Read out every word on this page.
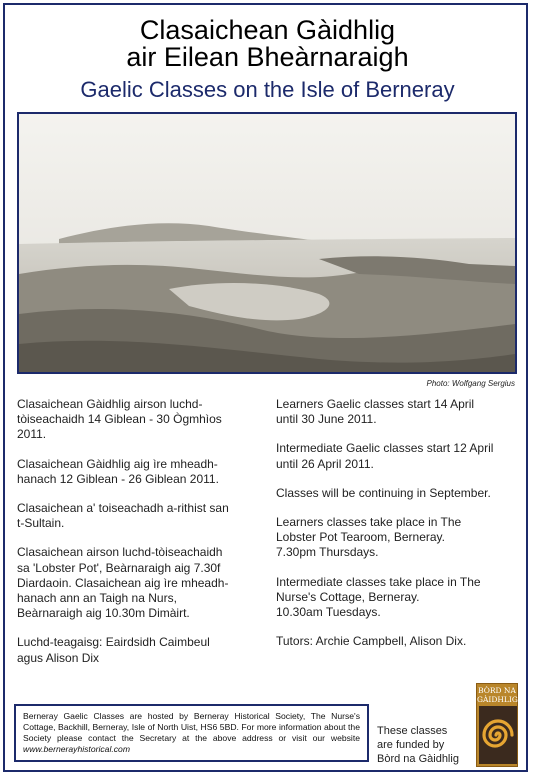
Clasaichean Gàidhlig
air Eilean Bheàrnaraigh
Gaelic Classes on the Isle of Berneray
Photo: Wolfgang Sergius

Clasaichean Gàidhlig airson luchd-
tòiseachaidh 14 Giblean - 30 Ògmhìos
2011.

Clasaichean Gàidhlig aig ìre mheadh-
hanach 12 Giblean - 26 Giblean 2011.

Clasaichean a' toiseachadh a-rithist san
t-Sultain.

Clasaichean airson luchd-tòiseachaidh
sa 'Lobster Pot', Beàrnaraigh aig 7.30f
Diardaoin. Clasaichean aig ìre mheadh-
hanach ann an Taigh na Nurs,
Beàrnaraigh aig 10.30m Dimàirt.

Luchd-teagaisg: Eairdsidh Caimbeul
agus Alison Dix

Learners Gaelic classes start 14 April
until 30 June 2011.

Intermediate Gaelic classes start 12 April
until 26 April 2011.

Classes will be continuing in September.

Learners classes take place in The
Lobster Pot Tearoom, Berneray.
7.30pm Thursdays.

Intermediate classes take place in The
Nurse's Cottage, Berneray.
10.30am Tuesdays.

Tutors: Archie Campbell, Alison Dix.

Berneray Gaelic Classes are hosted by Berneray Historical Society, The Nurse's Cottage, Backhill, Berneray, Isle of North Uist, HS6 5BD. For more information about the Society please contact the Secretary at the above address or visit our website www.bernerayhistorical.com
These classes
are funded by
Bòrd na Gàidhlig
BÒRD NA
GÀIDHLIG
